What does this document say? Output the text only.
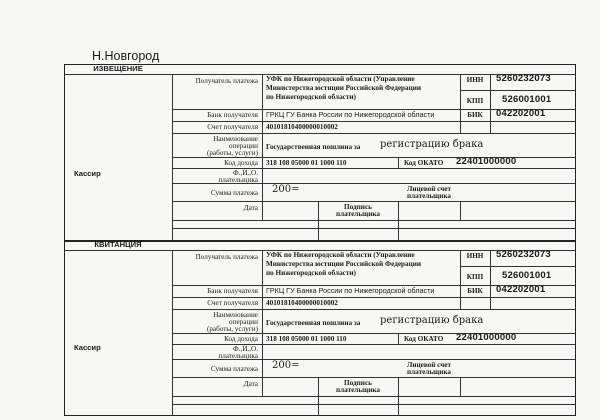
Н.Новгород
ИЗВЕЩЕНИЕ
Кассир
Получатель платежа УФК по Нижегородской области (Управление
Министерства юстиции Российской Федерации
по Нижегородской области)
ИНН	5260232073
КПП	526001001
Банк получателя ГРКЦ ГУ Банка России по Нижегородской области	БИК	042202001
Счет получателя 40101810400000010002
Наименование
операции
(работы, услуги)
Государственная пошлина за регистрацию брака
Код дохода 318 108 05000 01 1000 110	Код ОКАТО 22401000000
Ф.,И.,О.
плательщика
Сумма платежа 200=	Лицевой счет
плательщика
Дата	Подпись
плательщика
КВИТАНЦИЯ
Кассир
Получатель платежа УФК по Нижегородской области (Управление
Министерства юстиции Российской Федерации
по Нижегородской области)
ИНН	5260232073
КПП	526001001
Банк получателя ГРКЦ ГУ Банка России по Нижегородской области	БИК	042202001
Счет получателя 40101810400000010002
Наименование
операции
(работы, услуги)
Государственная пошлина за регистрацию брака
Код дохода 318 108 05000 01 1000 110	Код ОКАТО 22401000000
Ф.,И.,О.
плательщика
Сумма платежа 200=	Лицевой счет
плательщика
Дата	Подпись
плательщика
